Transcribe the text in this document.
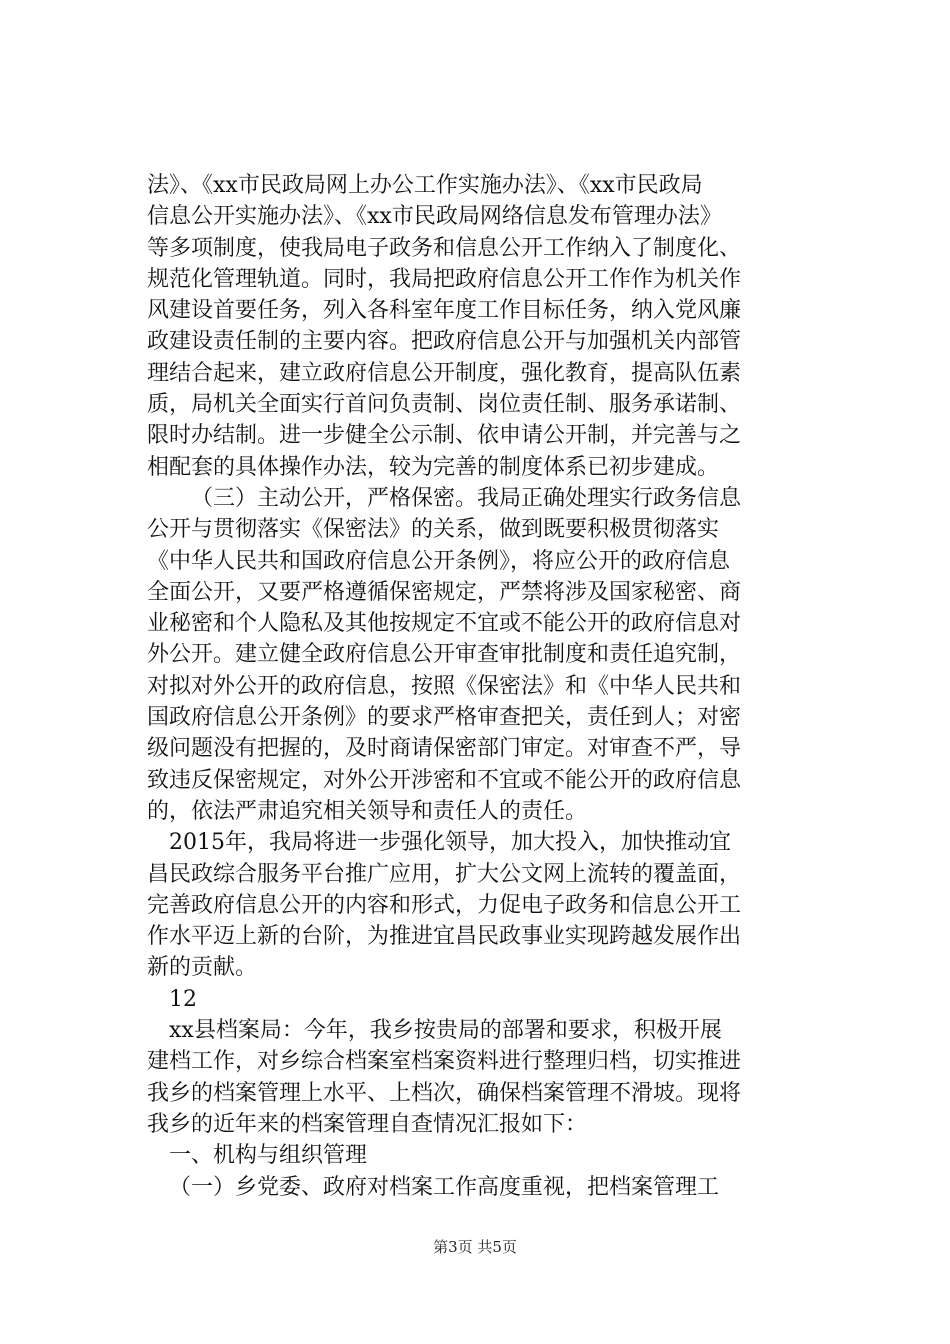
法》、《xx市民政局网上办公工作实施办法》、《xx市民政局
信息公开实施办法》、《xx市民政局网络信息发布管理办法》
等多项制度，使我局电子政务和信息公开工作纳入了制度化、
规范化管理轨道。同时，我局把政府信息公开工作作为机关作
风建设首要任务，列入各科室年度工作目标任务，纳入党风廉
政建设责任制的主要内容。把政府信息公开与加强机关内部管
理结合起来，建立政府信息公开制度，强化教育，提高队伍素
质，局机关全面实行首问负责制、岗位责任制、服务承诺制、
限时办结制。进一步健全公示制、依申请公开制，并完善与之
相配套的具体操作办法，较为完善的制度体系已初步建成。
（三）主动公开，严格保密。我局正确处理实行政务信息
公开与贯彻落实《保密法》的关系，做到既要积极贯彻落实
《中华人民共和国政府信息公开条例》，将应公开的政府信息
全面公开，又要严格遵循保密规定，严禁将涉及国家秘密、商
业秘密和个人隐私及其他按规定不宜或不能公开的政府信息对
外公开。建立健全政府信息公开审查审批制度和责任追究制，
对拟对外公开的政府信息，按照《保密法》和《中华人民共和
国政府信息公开条例》的要求严格审查把关，责任到人；对密
级问题没有把握的，及时商请保密部门审定。对审查不严，导
致违反保密规定，对外公开涉密和不宜或不能公开的政府信息
的，依法严肃追究相关领导和责任人的责任。
2015年，我局将进一步强化领导，加大投入，加快推动宜
昌民政综合服务平台推广应用，扩大公文网上流转的覆盖面，
完善政府信息公开的内容和形式，力促电子政务和信息公开工
作水平迈上新的台阶，为推进宜昌民政事业实现跨越发展作出
新的贡献。
12
xx县档案局：今年，我乡按贵局的部署和要求，积极开展
建档工作，对乡综合档案室档案资料进行整理归档，切实推进
我乡的档案管理上水平、上档次，确保档案管理不滑坡。现将
我乡的近年来的档案管理自查情况汇报如下：
一、机构与组织管理
（一）乡党委、政府对档案工作高度重视，把档案管理工
第3页 共5页
